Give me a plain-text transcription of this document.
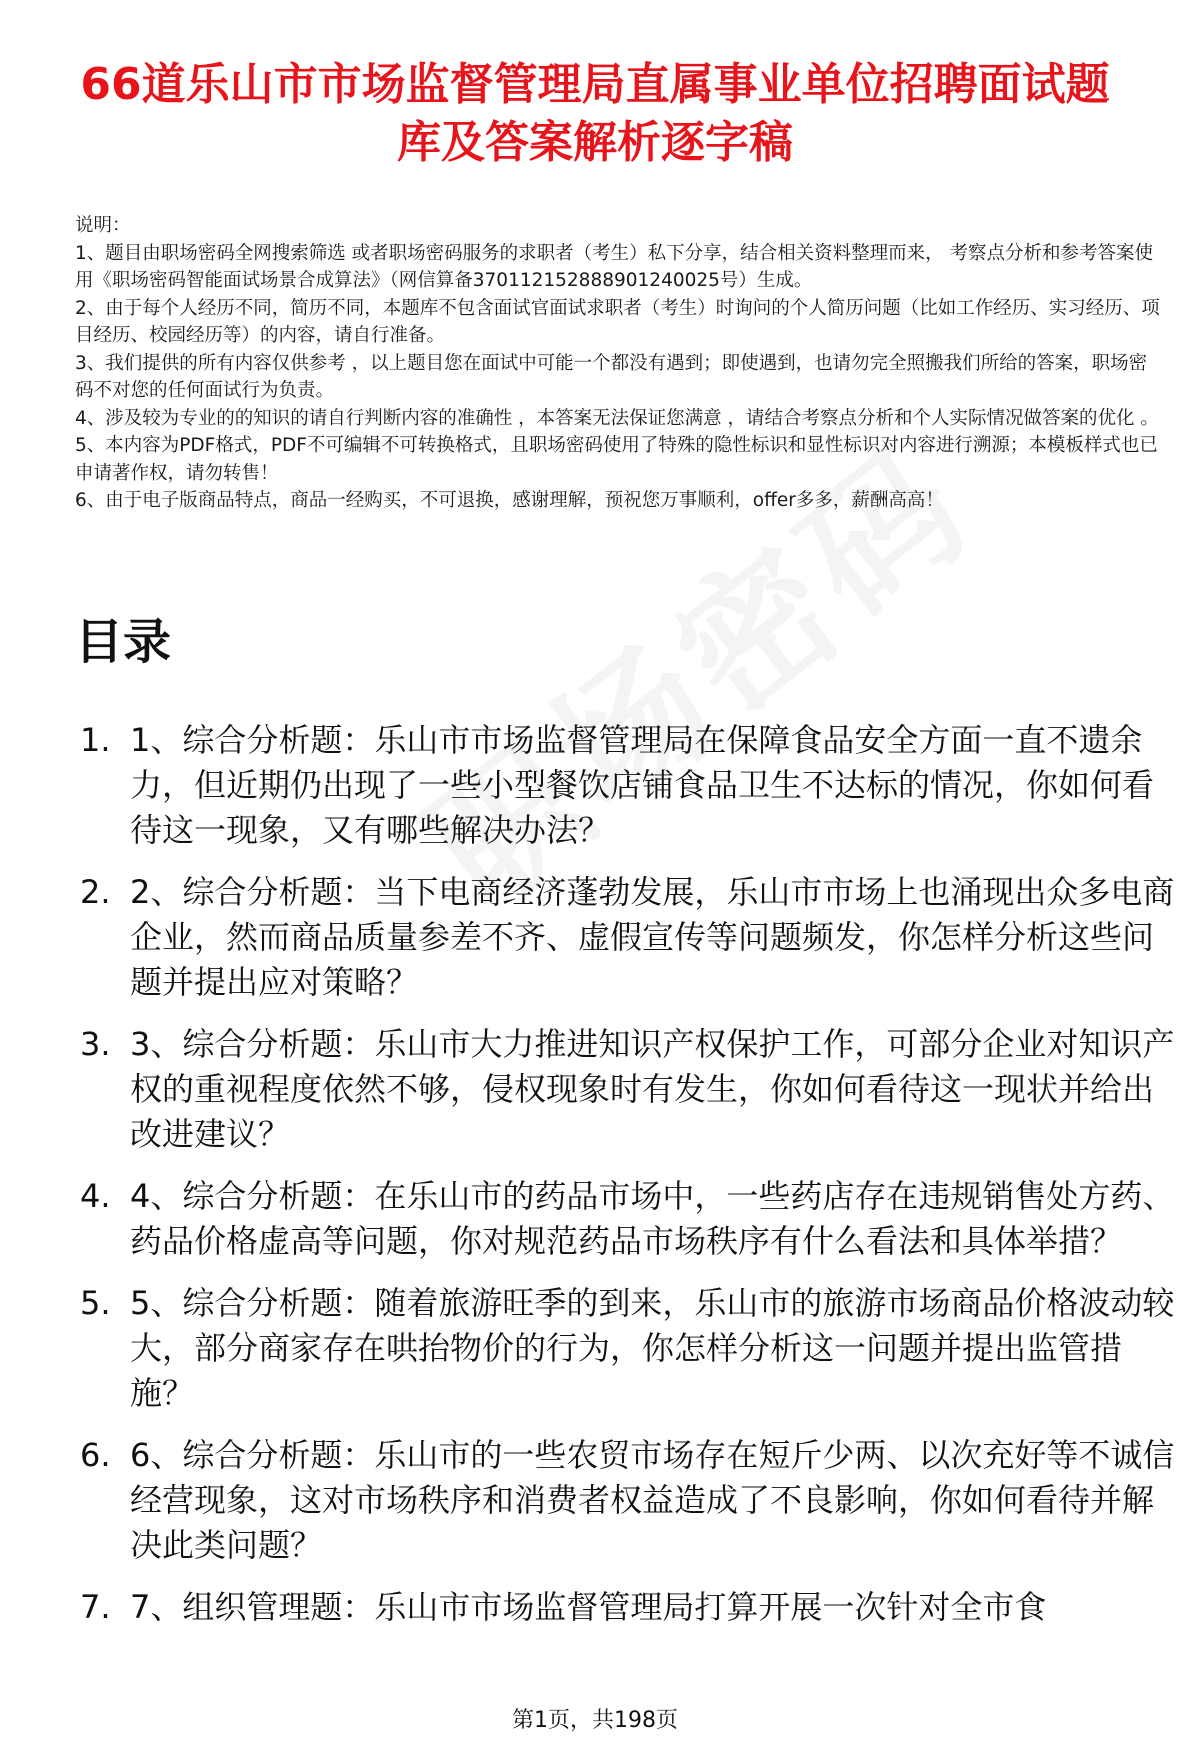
66道乐山市市场监督管理局直属事业单位招聘面试题库及答案解析逐字稿

说明：

1、题目由职场密码全网搜索筛选 或者职场密码服务的求职者（考生）私下分享，结合相关资料整理而来， 考察点分析和参考答案使用《职场密码智能面试场景合成算法》（网信算备370112152888901240025号）生成。

2、由于每个人经历不同，简历不同，本题库不包含面试官面试求职者（考生）时询问的个人简历问题（比如工作经历、实习经历、项目经历、校园经历等）的内容，请自行准备。

3、我们提供的所有内容仅供参考 ，以上题目您在面试中可能一个都没有遇到；即使遇到，也请勿完全照搬我们所给的答案，职场密码不对您的任何面试行为负责。

4、涉及较为专业的的知识的请自行判断内容的准确性 ，本答案无法保证您满意 ，请结合考察点分析和个人实际情况做答案的优化 。

5、本内容为PDF格式，PDF不可编辑不可转换格式，且职场密码使用了特殊的隐性标识和显性标识对内容进行溯源；本模板样式也已申请著作权，请勿转售！

6、由于电子版商品特点，商品一经购买，不可退换，感谢理解，预祝您万事顺利，offer多多，薪酬高高！

目录
1. 1、综合分析题：乐山市市场监督管理局在保障食品安全方面一直不遗余力，但近期仍出现了一些小型餐饮店铺食品卫生不达标的情况，你如何看待这一现象，又有哪些解决办法？
2. 2、综合分析题：当下电商经济蓬勃发展，乐山市市场上也涌现出众多电商企业，然而商品质量参差不齐、虚假宣传等问题频发，你怎样分析这些问题并提出应对策略？
3. 3、综合分析题：乐山市大力推进知识产权保护工作，可部分企业对知识产权的重视程度依然不够，侵权现象时有发生，你如何看待这一现状并给出改进建议？
4. 4、综合分析题：在乐山市的药品市场中，一些药店存在违规销售处方药、药品价格虚高等问题，你对规范药品市场秩序有什么看法和具体举措？
5. 5、综合分析题：随着旅游旺季的到来，乐山市的旅游市场商品价格波动较大，部分商家存在哄抬物价的行为，你怎样分析这一问题并提出监管措施？
6. 6、综合分析题：乐山市的一些农贸市场存在短斤少两、以次充好等不诚信经营现象，这对市场秩序和消费者权益造成了不良影响，你如何看待并解决此类问题？
7. 7、组织管理题：乐山市市场监督管理局打算开展一次针对全市食
第1页，共198页
